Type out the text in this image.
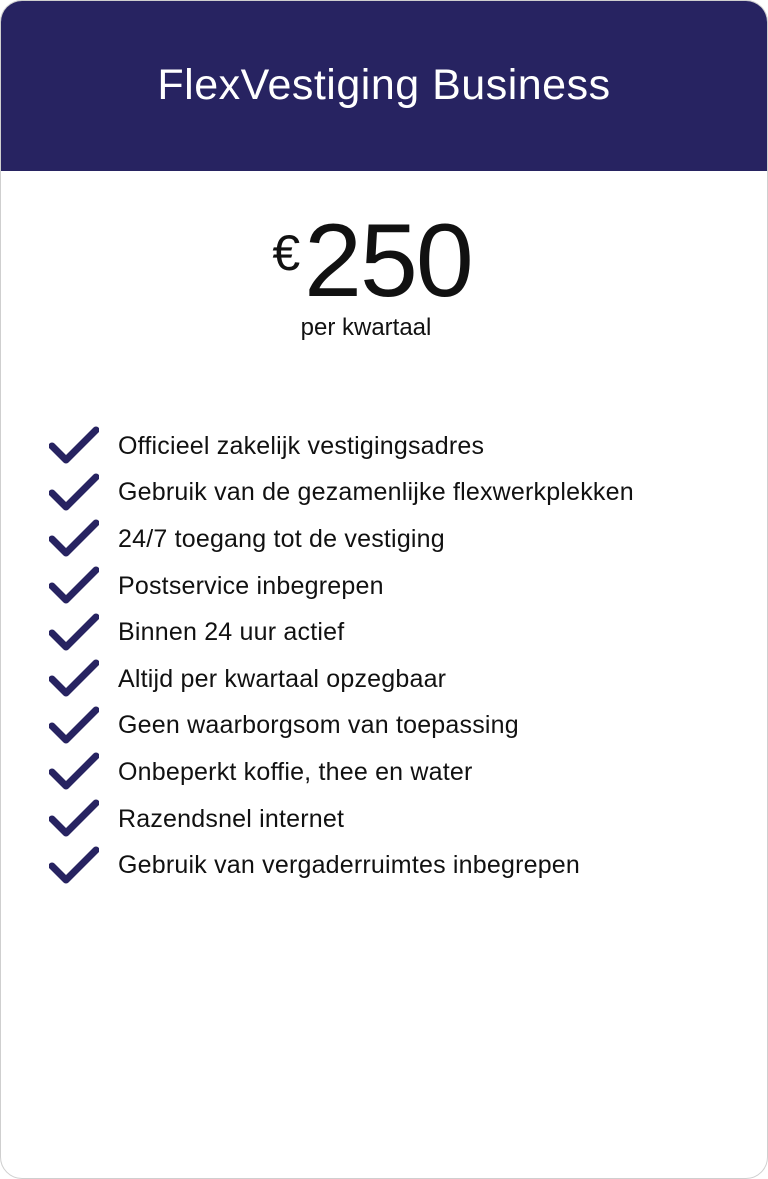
FlexVestiging Business
€ 250
per kwartaal
Officieel zakelijk vestigingsadres
Gebruik van de gezamenlijke flexwerkplekken
24/7 toegang tot de vestiging
Postservice inbegrepen
Binnen 24 uur actief
Altijd per kwartaal opzegbaar
Geen waarborgsom van toepassing
Onbeperkt koffie, thee en water
Razendsnel internet
Gebruik van vergaderruimtes inbegrepen
